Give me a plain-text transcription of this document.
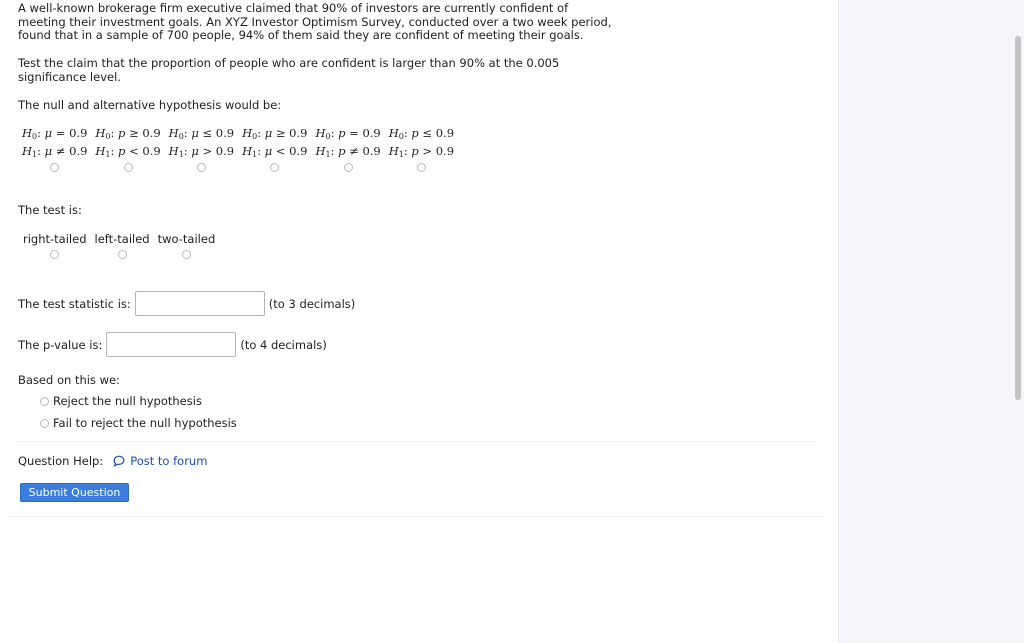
A well-known brokerage firm executive claimed that 90% of investors are currently confident of meeting their investment goals. An XYZ Investor Optimism Survey, conducted over a two week period, found that in a sample of 700 people, 94% of them said they are confident of meeting their goals.

Test the claim that the proportion of people who are confident is larger than 90% at the 0.005 significance level.

The null and alternative hypothesis would be:

$H_0$: μ = 0.9
$H_1$: μ ≠ 0.9
$H_0$: p ≥ 0.9
$H_1$: p < 0.9
$H_0$: μ ≤ 0.9
$H_1$: μ > 0.9
$H_0$: μ ≥ 0.9
$H_1$: μ < 0.9
$H_0$: p = 0.9
$H_1$: p ≠ 0.9
$H_0$: p ≤ 0.9
$H_1$: p > 0.9

The test is:

right-tailed left-tailed two-tailed
The test statistic is:	(to 3 decimals)
The p-value is:	(to 4 decimals)

Based on this we:

Reject the null hypothesis
Fail to reject the null hypothesis
Question Help: Post to forum
Submit Question
